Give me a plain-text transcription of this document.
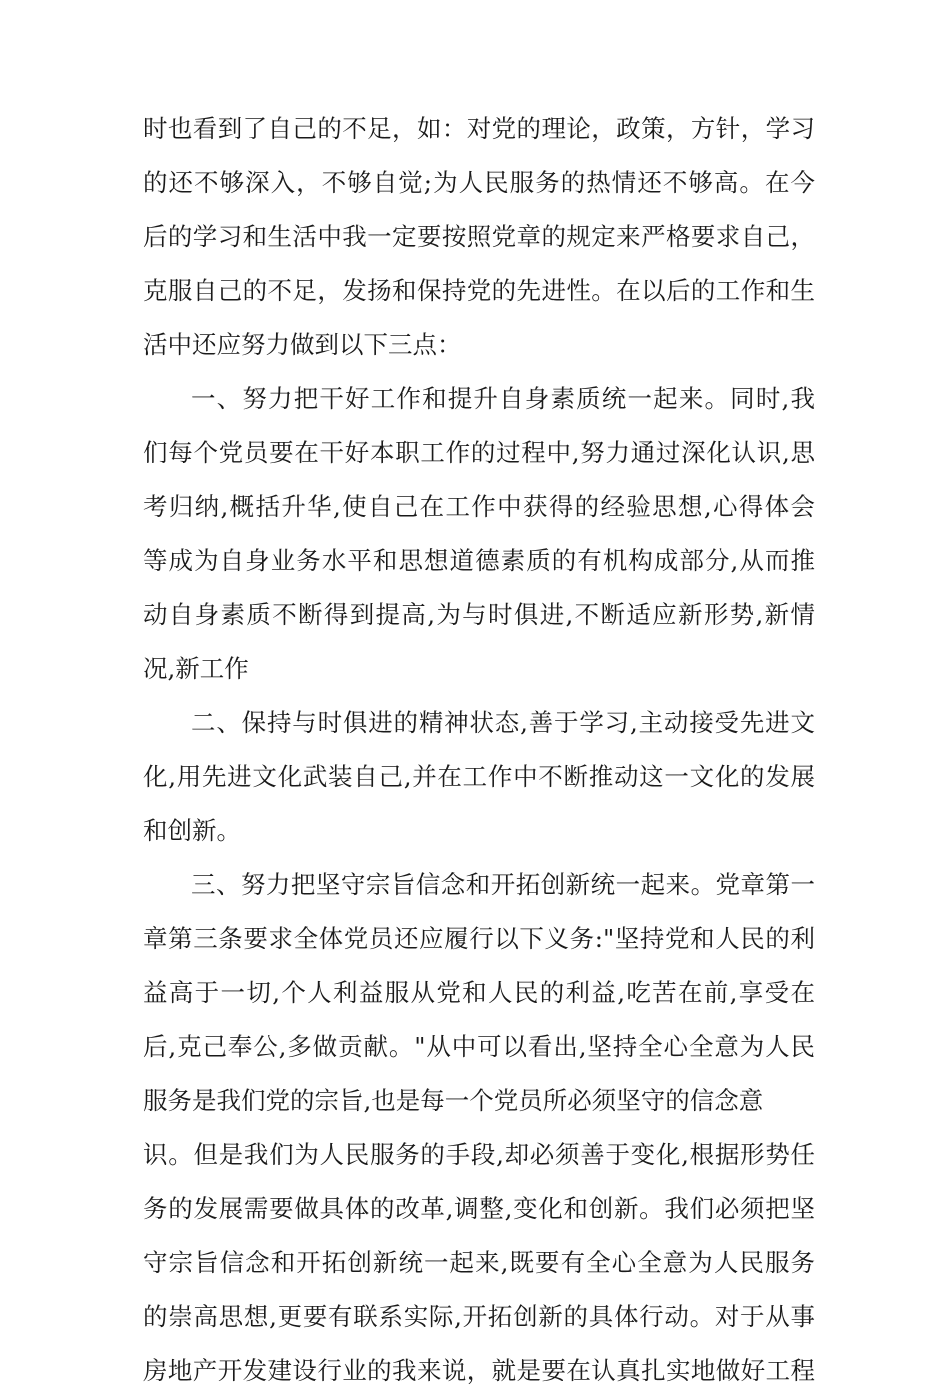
时也看到了自己的不足，如：对党的理论，政策，方针，学习
的还不够深入，不够自觉;为人民服务的热情还不够高。在今
后的学习和生活中我一定要按照党章的规定来严格要求自己，
克服自己的不足，发扬和保持党的先进性。在以后的工作和生
活中还应努力做到以下三点：
一、努力把干好工作和提升自身素质统一起来。同时,我
们每个党员要在干好本职工作的过程中,努力通过深化认识,思
考归纳,概括升华,使自己在工作中获得的经验思想,心得体会
等成为自身业务水平和思想道德素质的有机构成部分,从而推
动自身素质不断得到提高,为与时俱进,不断适应新形势,新情
况,新工作
二、保持与时俱进的精神状态,善于学习,主动接受先进文
化,用先进文化武装自己,并在工作中不断推动这一文化的发展
和创新。
三、努力把坚守宗旨信念和开拓创新统一起来。党章第一
章第三条要求全体党员还应履行以下义务:"坚持党和人民的利
益高于一切,个人利益服从党和人民的利益,吃苦在前,享受在
后,克己奉公,多做贡献。"从中可以看出,坚持全心全意为人民
服务是我们党的宗旨,也是每一个党员所必须坚守的信念意
识。但是我们为人民服务的手段,却必须善于变化,根据形势任
务的发展需要做具体的改革,调整,变化和创新。我们必须把坚
守宗旨信念和开拓创新统一起来,既要有全心全意为人民服务
的崇高思想,更要有联系实际,开拓创新的具体行动。对于从事
房地产开发建设行业的我来说，就是要在认真扎实地做好工程
